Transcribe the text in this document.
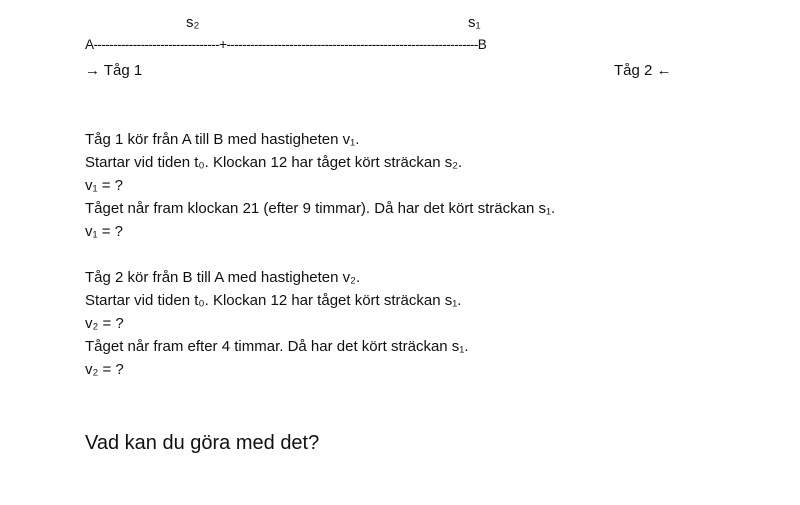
s₂	s₁
A--------------------------------+----------------------------------------------------------------B
→ Tåg 1	Tåg 2 ←
Tåg 1 kör från A till B med hastigheten v₁.
Startar vid tiden t₀. Klockan 12 har tåget kört sträckan s₂.
v₁ = ?
Tåget når fram klockan 21 (efter 9 timmar). Då har det kört sträckan s₁.
v₁ = ?
Tåg 2 kör från B till A med hastigheten v₂.
Startar vid tiden t₀. Klockan 12 har tåget kört sträckan s₁.
v₂ = ?
Tåget når fram efter 4 timmar. Då har det kört sträckan s₁.
v₂ = ?
Vad kan du göra med det?
